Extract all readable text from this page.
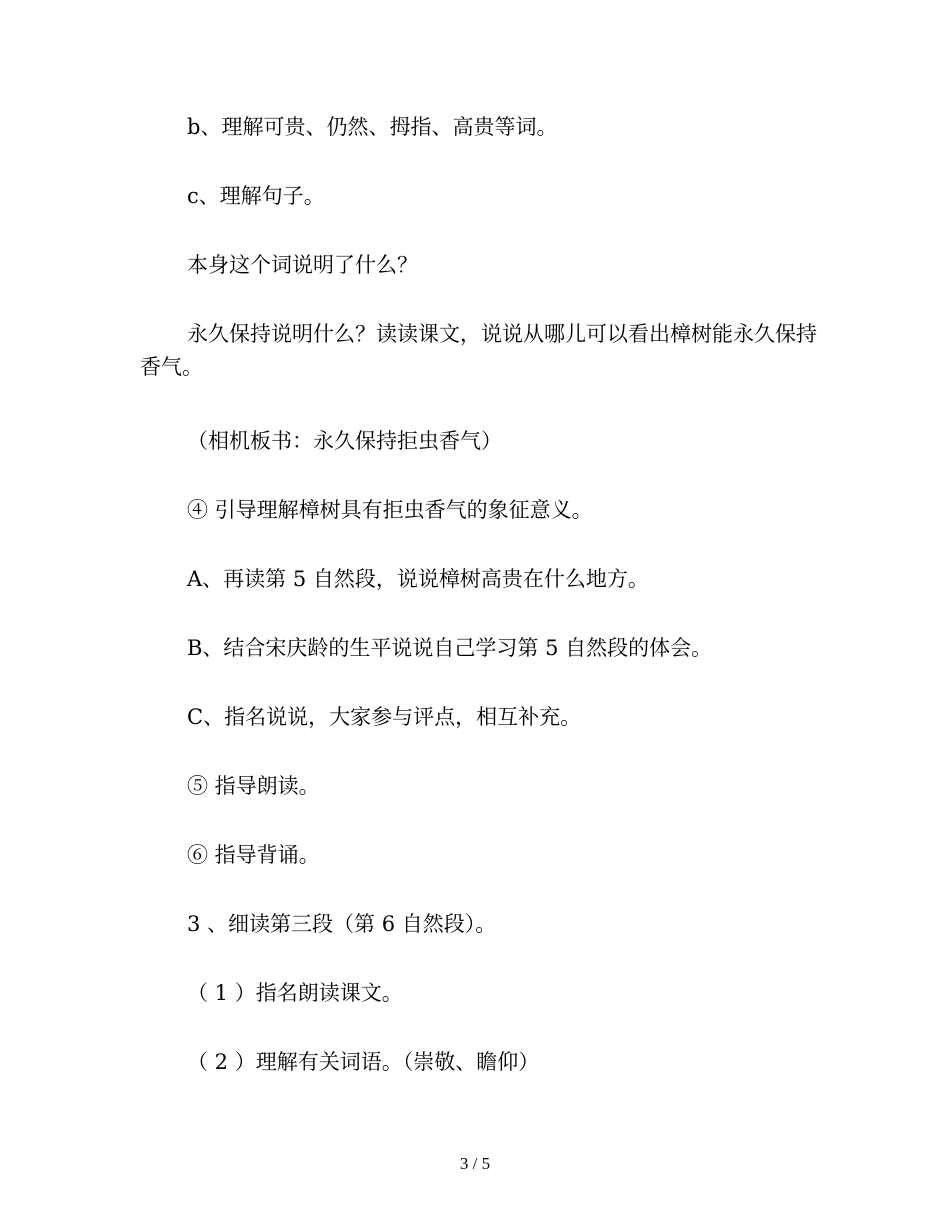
b、理解可贵、仍然、拇指、高贵等词。

c、理解句子。

本身这个词说明了什么？

永久保持说明什么？读读课文，说说从哪儿可以看出樟树能永久保持香气。

（相机板书：永久保持拒虫香气）

④ 引导理解樟树具有拒虫香气的象征意义。

A、再读第 5 自然段，说说樟树高贵在什么地方。

B、结合宋庆龄的生平说说自己学习第 5 自然段的体会。

C、指名说说，大家参与评点，相互补充。

⑤ 指导朗读。

⑥ 指导背诵。

3 、细读第三段（第 6 自然段）。

（ 1 ）指名朗读课文。

（ 2 ）理解有关词语。（崇敬、瞻仰）

3 / 5
